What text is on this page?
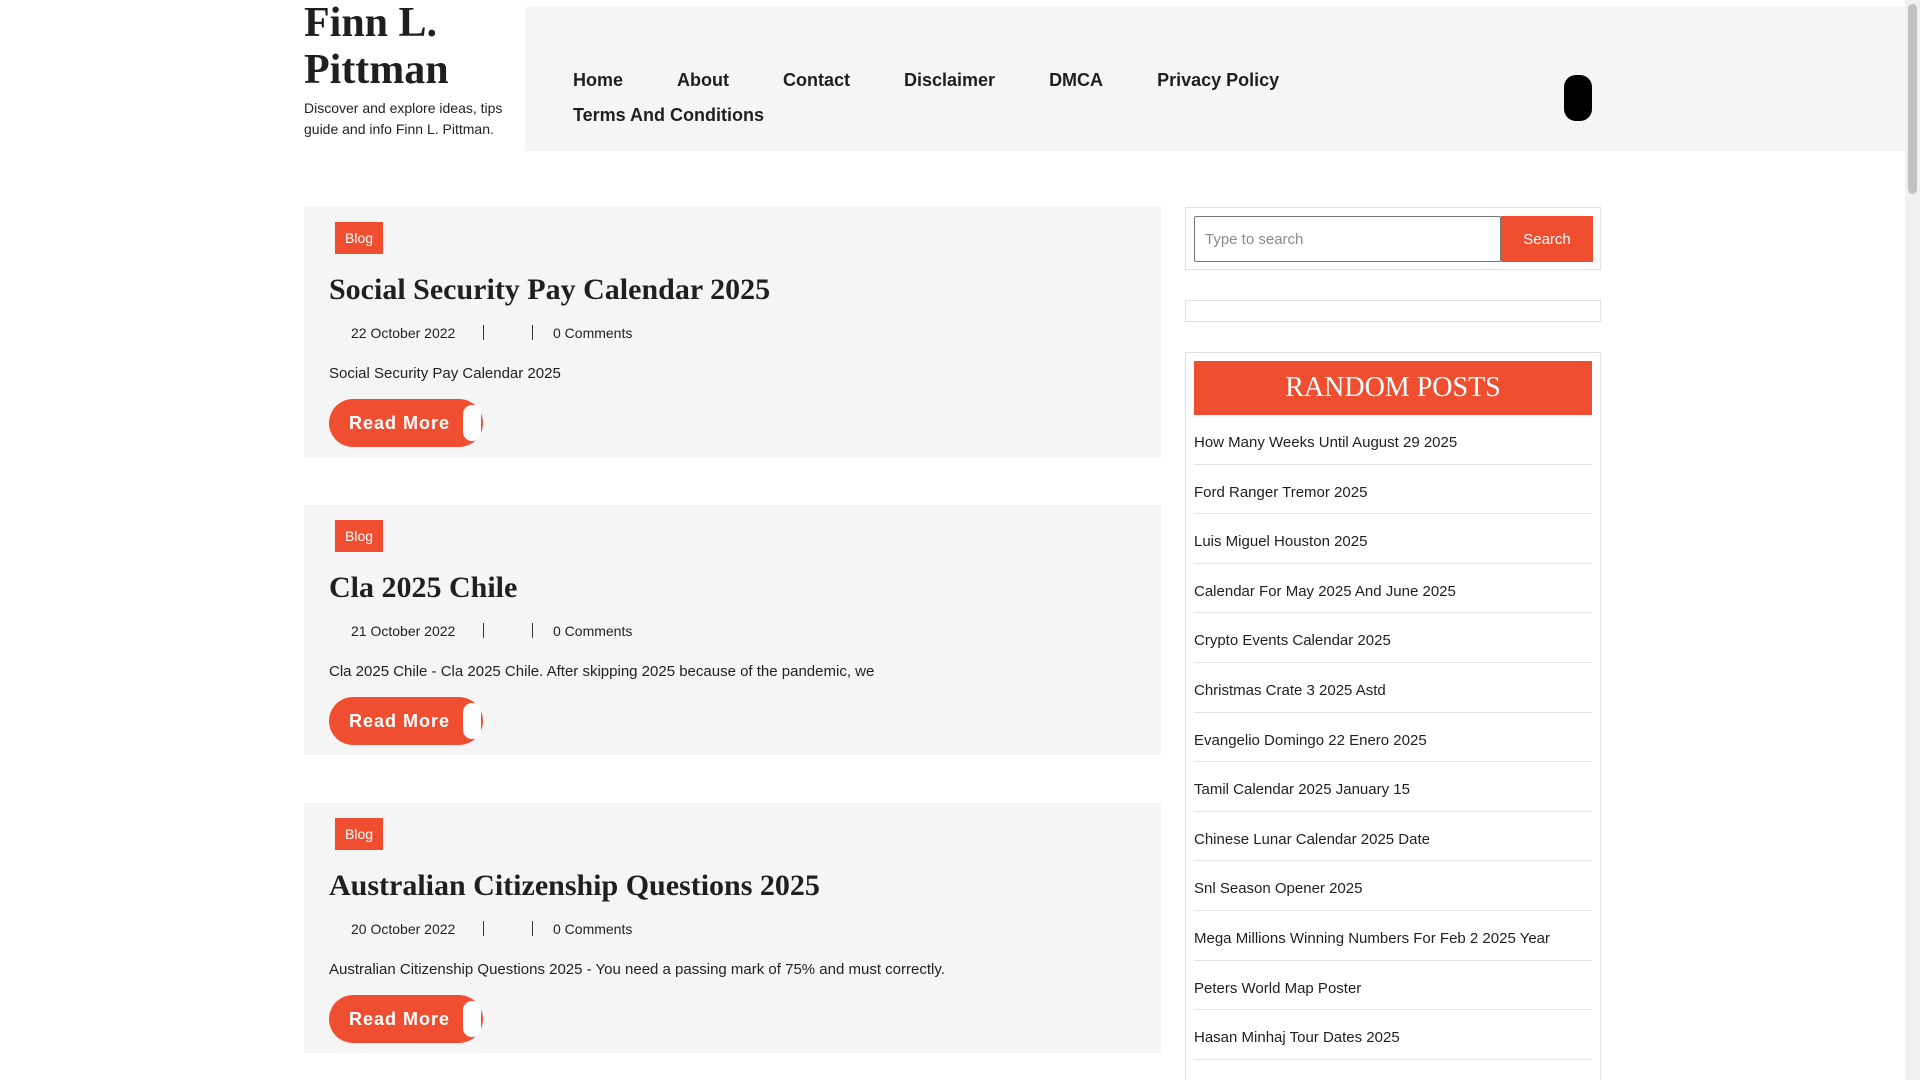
Finn L. Pittman
Discover and explore ideas, tips guide and info Finn L. Pittman.
Home	About	Contact	Disclaimer	DMCA	Privacy Policy
Terms And Conditions
Blog
Social Security Pay Calendar 2025
22 October 2022	0 Comments

Social Security Pay Calendar 2025

Read More
Blog
Cla 2025 Chile
21 October 2022	0 Comments

Cla 2025 Chile - Cla 2025 Chile. After skipping 2025 because of the pandemic, we

Read More
Blog
Australian Citizenship Questions 2025
20 October 2022	0 Comments

Australian Citizenship Questions 2025 - You need a passing mark of 75% and must correctly.

Read More
Type to search
Search
RANDOM POSTS
How Many Weeks Until August 29 2025
Ford Ranger Tremor 2025
Luis Miguel Houston 2025
Calendar For May 2025 And June 2025
Crypto Events Calendar 2025
Christmas Crate 3 2025 Astd
Evangelio Domingo 22 Enero 2025
Tamil Calendar 2025 January 15
Chinese Lunar Calendar 2025 Date
Snl Season Opener 2025
Mega Millions Winning Numbers For Feb 2 2025 Year
Peters World Map Poster
Hasan Minhaj Tour Dates 2025
